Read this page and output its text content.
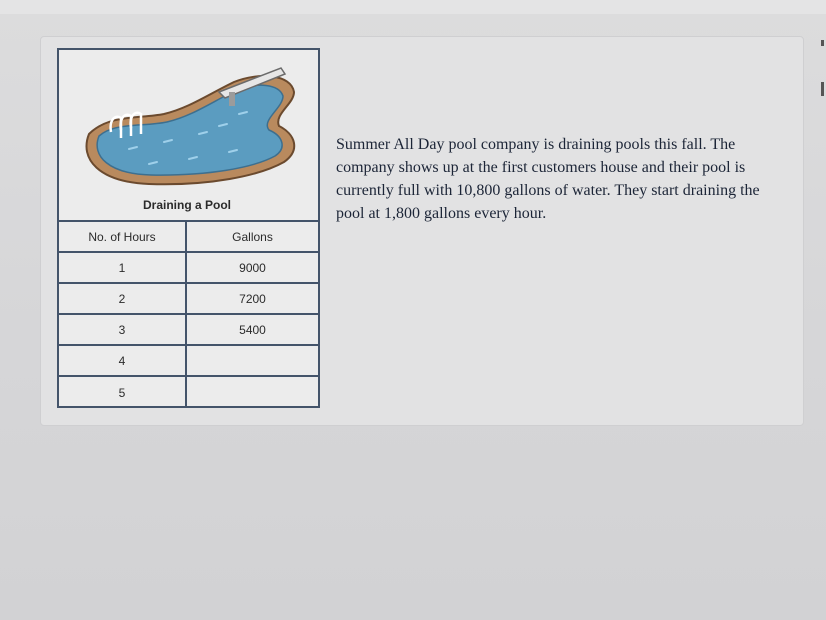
Draining a Pool
No. of Hours	Gallons
1	9000
2	7200
3	5400
4
5
Summer All Day pool company is draining pools this fall. The company shows up at the first customers house and their pool is currently full with 10,800 gallons of water. They start draining the pool at 1,800 gallons every hour.
